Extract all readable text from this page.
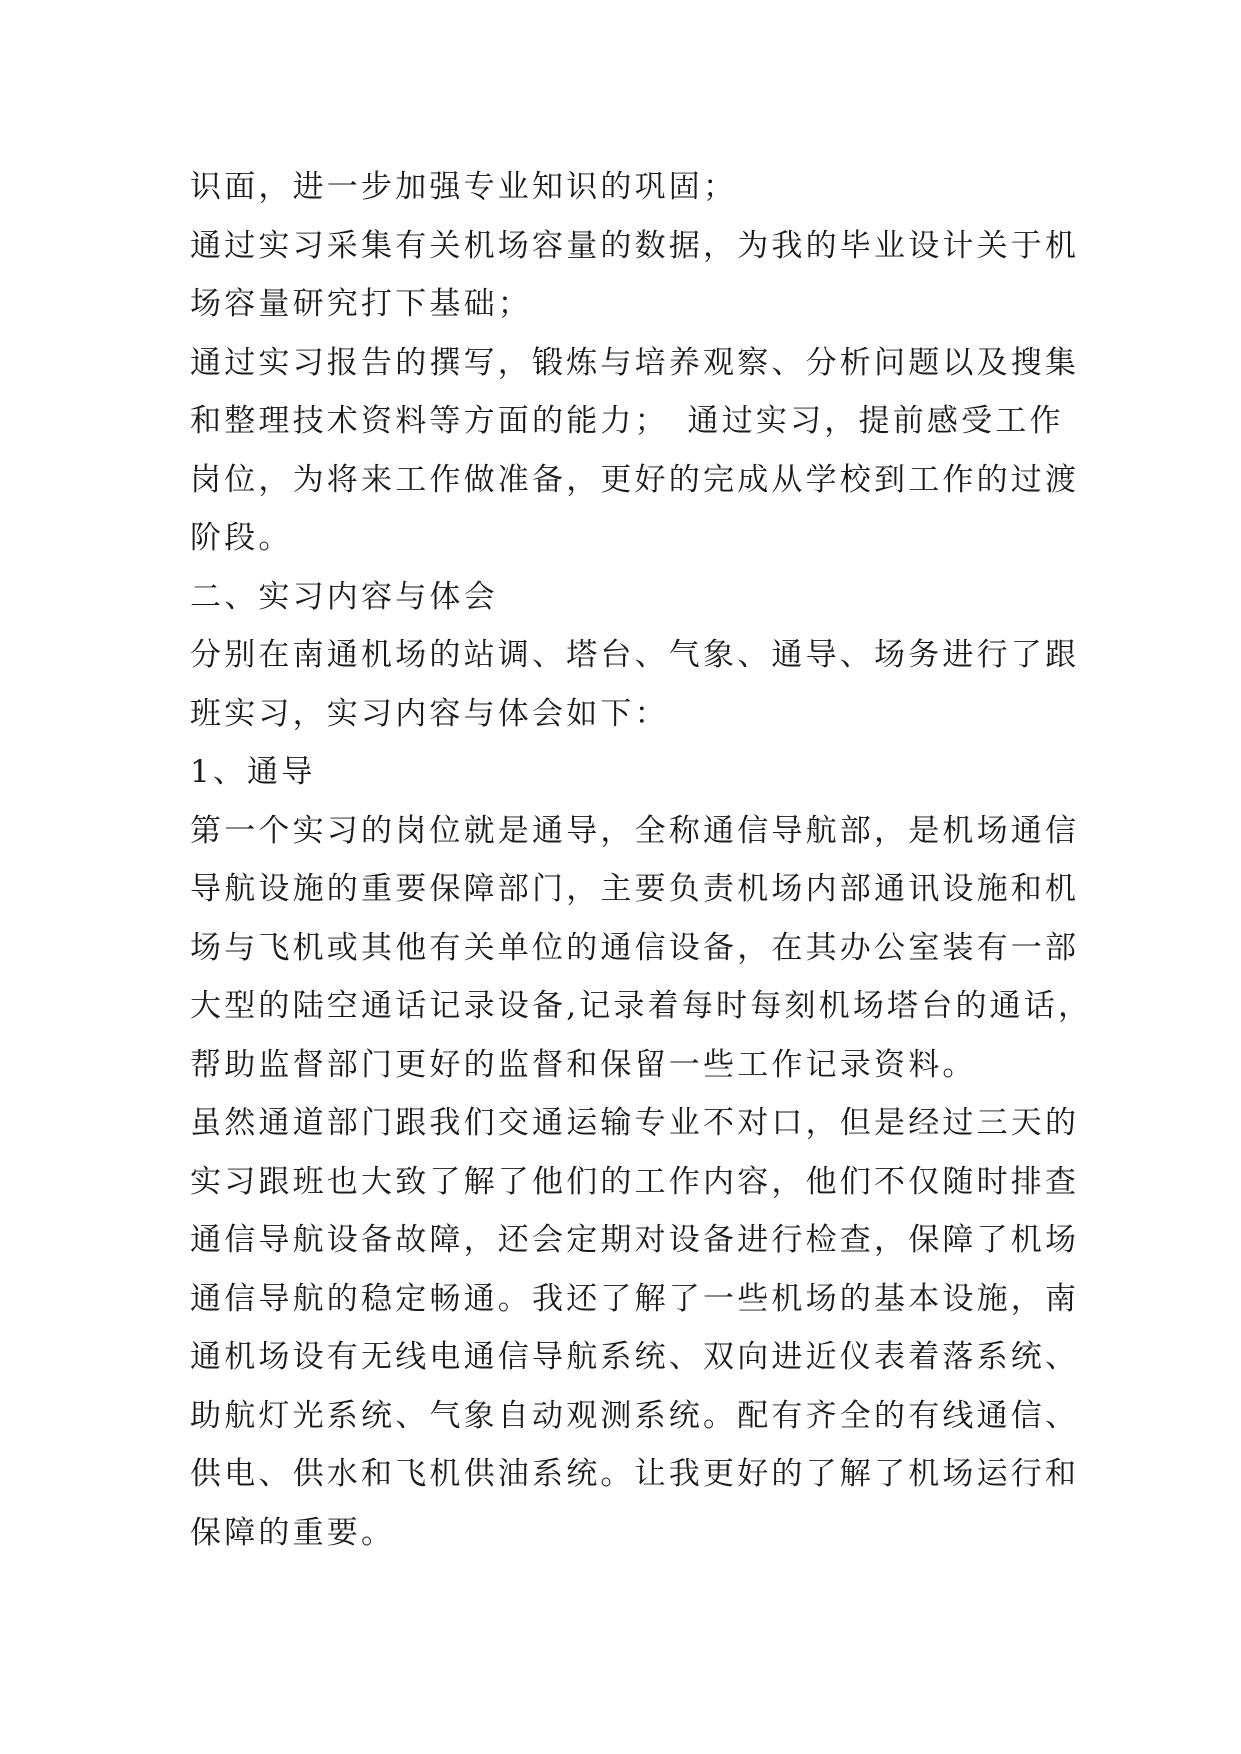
识面，进一步加强专业知识的巩固；
通过实习采集有关机场容量的数据，为我的毕业设计关于机
场容量研究打下基础；
通过实习报告的撰写，锻炼与培养观察、分析问题以及搜集
和整理技术资料等方面的能力；　通过实习，提前感受工作
岗位，为将来工作做准备，更好的完成从学校到工作的过渡
阶段。
二、实习内容与体会
分别在南通机场的站调、塔台、气象、通导、场务进行了跟
班实习，实习内容与体会如下：
1、通导
第一个实习的岗位就是通导，全称通信导航部，是机场通信
导航设施的重要保障部门，主要负责机场内部通讯设施和机
场与飞机或其他有关单位的通信设备，在其办公室装有一部
大型的陆空通话记录设备,记录着每时每刻机场塔台的通话，
帮助监督部门更好的监督和保留一些工作记录资料。
虽然通道部门跟我们交通运输专业不对口，但是经过三天的
实习跟班也大致了解了他们的工作内容，他们不仅随时排查
通信导航设备故障，还会定期对设备进行检查，保障了机场
通信导航的稳定畅通。我还了解了一些机场的基本设施，南
通机场设有无线电通信导航系统、双向进近仪表着落系统、
助航灯光系统、气象自动观测系统。配有齐全的有线通信、
供电、供水和飞机供油系统。让我更好的了解了机场运行和
保障的重要。
